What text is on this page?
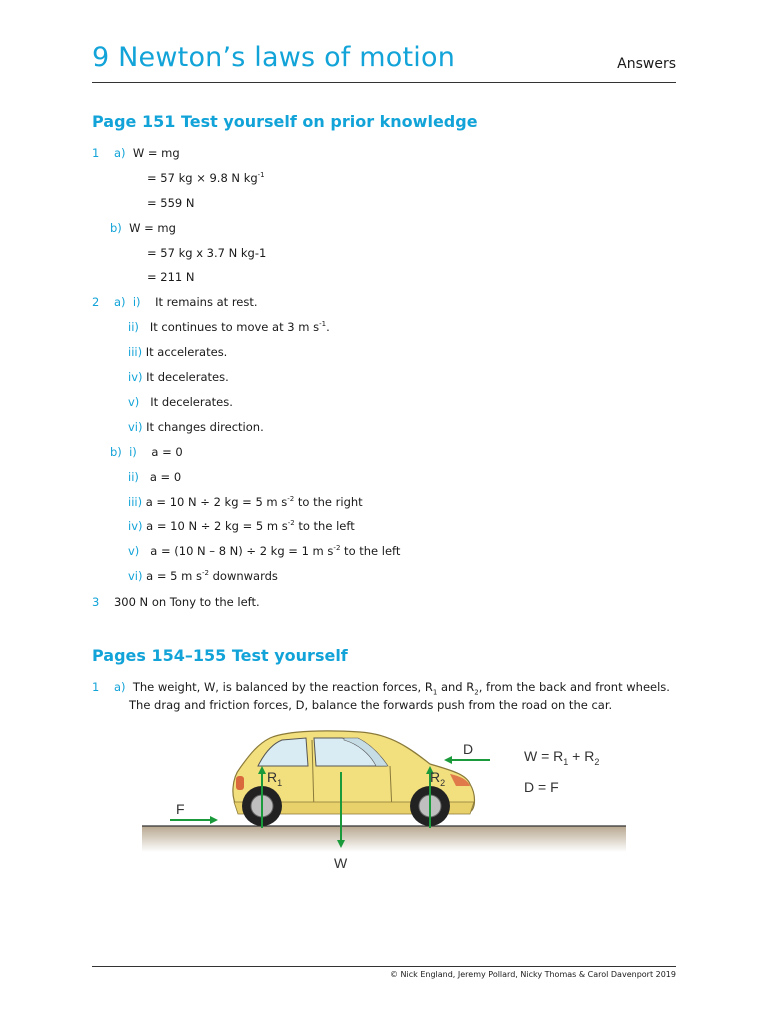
9 Newton’s laws of motion	Answers
Page 151 Test yourself on prior knowledge
1 a) W = mg
= 57 kg × 9.8 N $kg^{-1}$
= 559 N
b) W = mg
= 57 kg x 3.7 N kg-1
= 211 N
2 a) i) It remains at rest.
ii) It continues to move at 3 m $s^{-1}$.
iii) It accelerates.
iv) It decelerates.
v) It decelerates.
vi) It changes direction.
b) i) a = 0
ii) a = 0
iii) a = 10 N ÷ 2 kg = 5 m $s^{-2}$ to the right
iv) a = 10 N ÷ 2 kg = 5 m $s^{-2}$ to the left
v) a = (10 N – 8 N) ÷ 2 kg = 1 m $s^{-2}$ to the left
vi) a = 5 m $s^{-2}$ downwards
3 300 N on Tony to the left.
Pages 154–155 Test yourself
1 a) The weight, W, is balanced by the reaction forces, $R_1$ and $R_2$, from the back and front wheels.
The drag and friction forces, D, balance the forwards push from the road on the car.
F
D
W
$R_1$	$R_2$
$W = R_1 + R_2$
D = F
© Nick England, Jeremy Pollard, Nicky Thomas & Carol Davenport 2019
